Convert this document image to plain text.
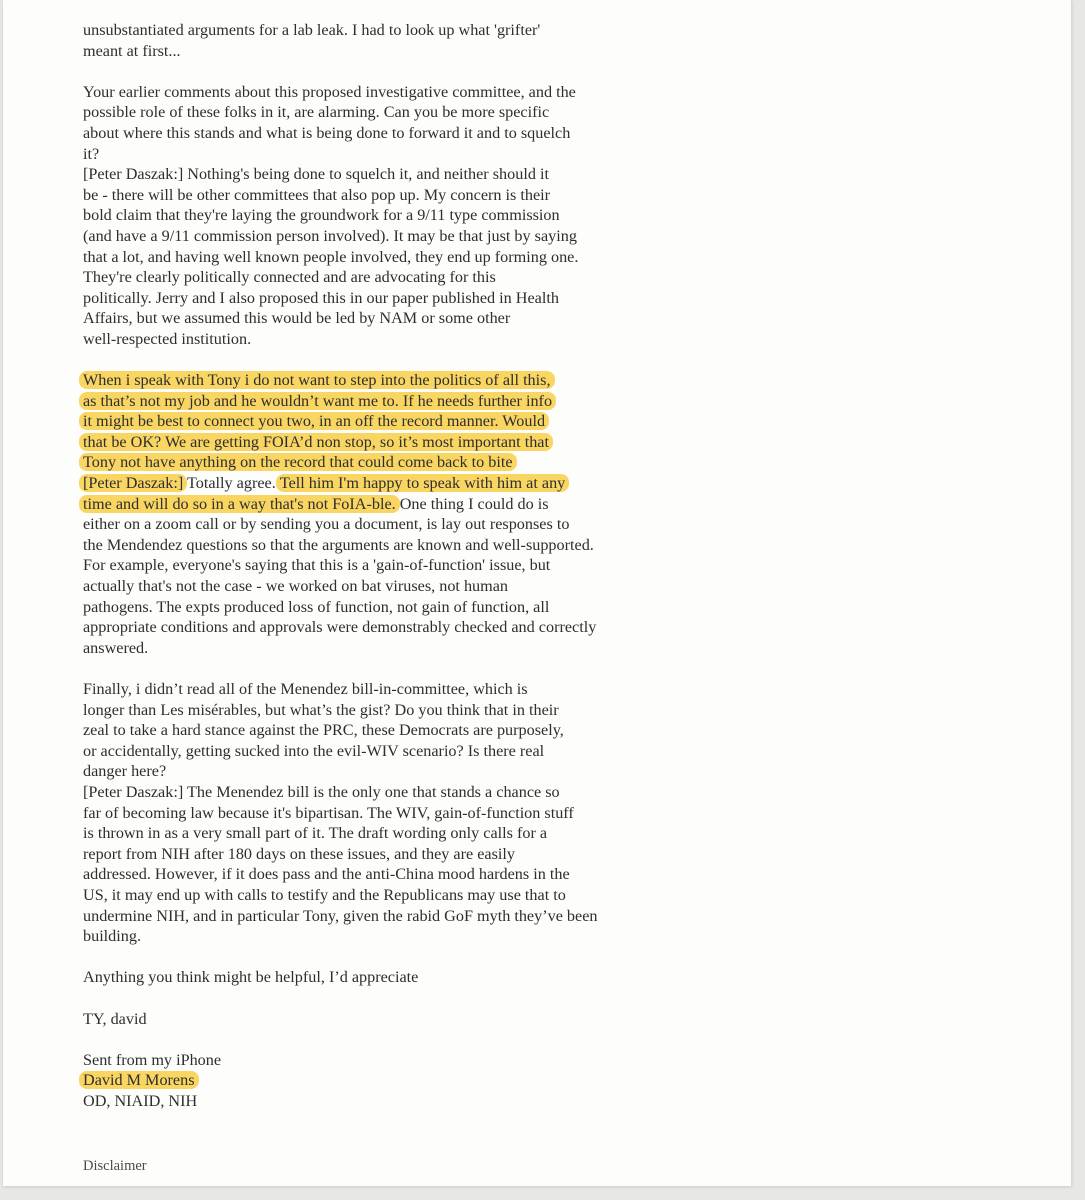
unsubstantiated arguments for a lab leak. I had to look up what 'grifter'
meant at first...
Your earlier comments about this proposed investigative committee, and the
possible role of these folks in it, are alarming. Can you be more specific
about where this stands and what is being done to forward it and to squelch
it?
[Peter Daszak:] Nothing's being done to squelch it, and neither should it
be - there will be other committees that also pop up. My concern is their
bold claim that they're laying the groundwork for a 9/11 type commission
(and have a 9/11 commission person involved). It may be that just by saying
that a lot, and having well known people involved, they end up forming one.
They're clearly politically connected and are advocating for this
politically. Jerry and I also proposed this in our paper published in Health
Affairs, but we assumed this would be led by NAM or some other
well-respected institution.
When i speak with Tony i do not want to step into the politics of all this,
as that’s not my job and he wouldn’t want me to. If he needs further info
it might be best to connect you two, in an off the record manner. Would
that be OK? We are getting FOIA’d non stop, so it’s most important that
Tony not have anything on the record that could come back to bite
[Peter Daszak:] Totally agree. Tell him I'm happy to speak with him at any
time and will do so in a way that's not FoIA-ble. One thing I could do is
either on a zoom call or by sending you a document, is lay out responses to
the Mendendez questions so that the arguments are known and well-supported.
For example, everyone's saying that this is a 'gain-of-function' issue, but
actually that's not the case - we worked on bat viruses, not human
pathogens. The expts produced loss of function, not gain of function, all
appropriate conditions and approvals were demonstrably checked and correctly
answered.
Finally, i didn’t read all of the Menendez bill-in-committee, which is
longer than Les misérables, but what’s the gist? Do you think that in their
zeal to take a hard stance against the PRC, these Democrats are purposely,
or accidentally, getting sucked into the evil-WIV scenario? Is there real
danger here?
[Peter Daszak:] The Menendez bill is the only one that stands a chance so
far of becoming law because it's bipartisan. The WIV, gain-of-function stuff
is thrown in as a very small part of it. The draft wording only calls for a
report from NIH after 180 days on these issues, and they are easily
addressed. However, if it does pass and the anti-China mood hardens in the
US, it may end up with calls to testify and the Republicans may use that to
undermine NIH, and in particular Tony, given the rabid GoF myth they’ve been
building.
Anything you think might be helpful, I’d appreciate
TY, david
Sent from my iPhone
David M Morens
OD, NIAID, NIH
Disclaimer
